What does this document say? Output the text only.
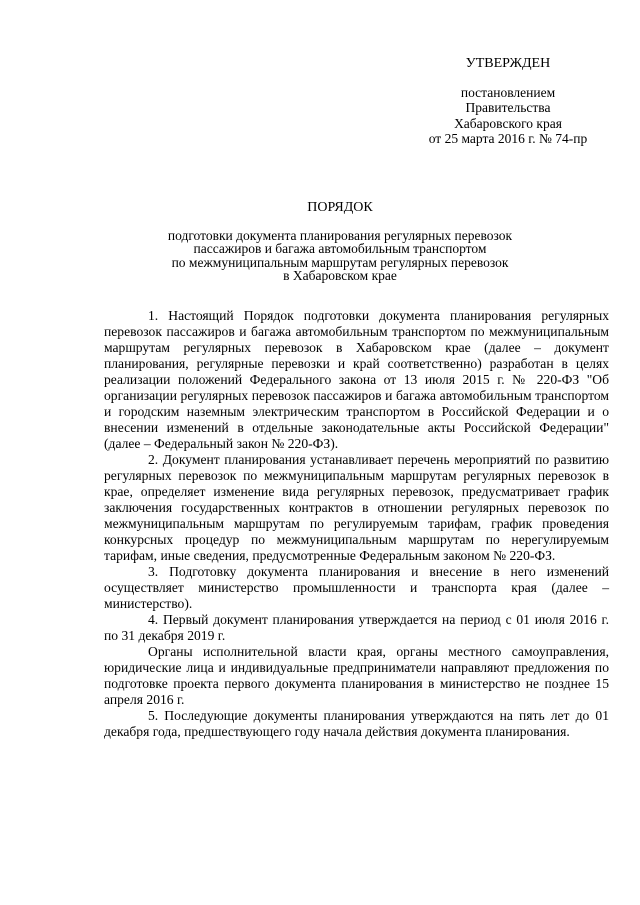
УТВЕРЖДЕН
постановлением
Правительства
Хабаровского края
от 25 марта 2016 г. № 74-пр
ПОРЯДОК
подготовки документа планирования регулярных перевозок
пассажиров и багажа автомобильным транспортом
по межмуниципальным маршрутам регулярных перевозок
в Хабаровском крае

1. Настоящий Порядок подготовки документа планирования регулярных перевозок пассажиров и багажа автомобильным транспортом по межмуниципальным маршрутам регулярных перевозок в Хабаровском крае (далее – документ планирования, регулярные перевозки и край соответственно) разработан в целях реализации положений Федерального закона от 13 июля 2015 г. № 220-ФЗ "Об организации регулярных перевозок пассажиров и багажа автомобильным транспортом и городским наземным электрическим транспортом в Российской Федерации и о внесении изменений в отдельные законодательные акты Российской Федерации" (далее – Федеральный закон № 220-ФЗ).

2. Документ планирования устанавливает перечень мероприятий по развитию регулярных перевозок по межмуниципальным маршрутам регулярных перевозок в крае, определяет изменение вида регулярных перевозок, предусматривает график заключения государственных контрактов в отношении регулярных перевозок по межмуниципальным маршрутам по регулируемым тарифам, график проведения конкурсных процедур по межмуниципальным маршрутам по нерегулируемым тарифам, иные сведения, предусмотренные Федеральным законом № 220-ФЗ.

3. Подготовку документа планирования и внесение в него изменений осуществляет министерство промышленности и транспорта края (далее – министерство).

4. Первый документ планирования утверждается на период с 01 июля 2016 г. по 31 декабря 2019 г.

Органы исполнительной власти края, органы местного самоуправления, юридические лица и индивидуальные предприниматели направляют предложения по подготовке проекта первого документа планирования в министерство не позднее 15 апреля 2016 г.

5. Последующие документы планирования утверждаются на пять лет до 01 декабря года, предшествующего году начала действия документа планирования.
